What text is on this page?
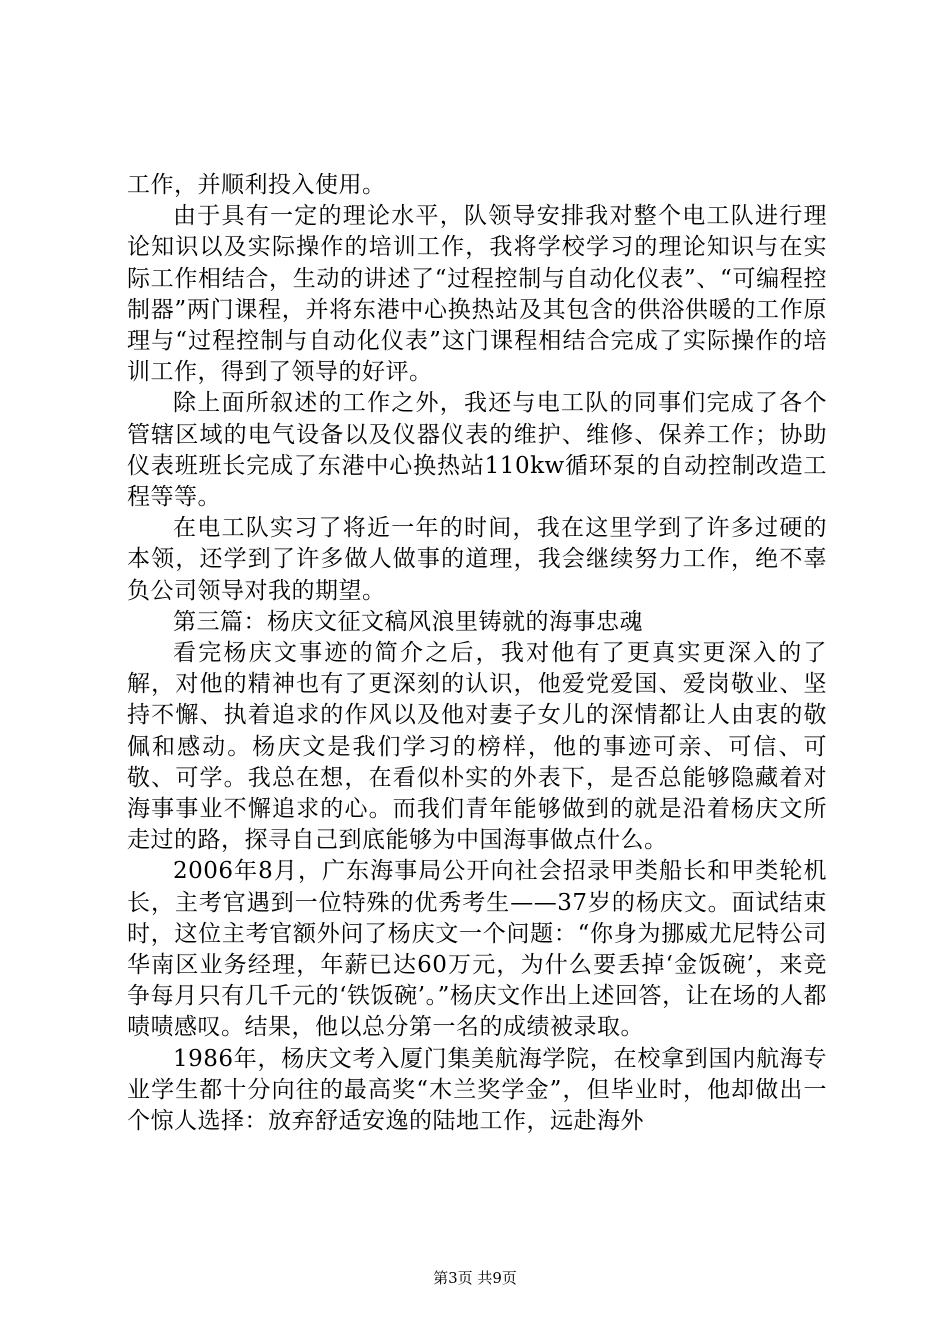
工作，并顺利投入使用。

由于具有一定的理论水平，队领导安排我对整个电工队进行理论知识以及实际操作的培训工作，我将学校学习的理论知识与在实际工作相结合，生动的讲述了“过程控制与自动化仪表”、“可编程控制器”两门课程，并将东港中心换热站及其包含的供浴供暖的工作原理与“过程控制与自动化仪表”这门课程相结合完成了实际操作的培训工作，得到了领导的好评。

除上面所叙述的工作之外，我还与电工队的同事们完成了各个管辖区域的电气设备以及仪器仪表的维护、维修、保养工作；协助仪表班班长完成了东港中心换热站110kw循环泵的自动控制改造工程等等。

在电工队实习了将近一年的时间，我在这里学到了许多过硬的本领，还学到了许多做人做事的道理，我会继续努力工作，绝不辜负公司领导对我的期望。

第三篇：杨庆文征文稿风浪里铸就的海事忠魂

看完杨庆文事迹的简介之后，我对他有了更真实更深入的了解，对他的精神也有了更深刻的认识，他爱党爱国、爱岗敬业、坚持不懈、执着追求的作风以及他对妻子女儿的深情都让人由衷的敬佩和感动。杨庆文是我们学习的榜样，他的事迹可亲、可信、可敬、可学。我总在想，在看似朴实的外表下，是否总能够隐藏着对海事事业不懈追求的心。而我们青年能够做到的就是沿着杨庆文所走过的路，探寻自己到底能够为中国海事做点什么。

2006年8月，广东海事局公开向社会招录甲类船长和甲类轮机长，主考官遇到一位特殊的优秀考生——37岁的杨庆文。面试结束时，这位主考官额外问了杨庆文一个问题：“你身为挪威尤尼特公司华南区业务经理，年薪已达60万元，为什么要丢掉‘金饭碗’，来竞争每月只有几千元的‘铁饭碗’。”杨庆文作出上述回答，让在场的人都啧啧感叹。结果，他以总分第一名的成绩被录取。

1986年，杨庆文考入厦门集美航海学院，在校拿到国内航海专业学生都十分向往的最高奖“木兰奖学金”，但毕业时，他却做出一个惊人选择：放弃舒适安逸的陆地工作，远赴海外

第3页 共9页
